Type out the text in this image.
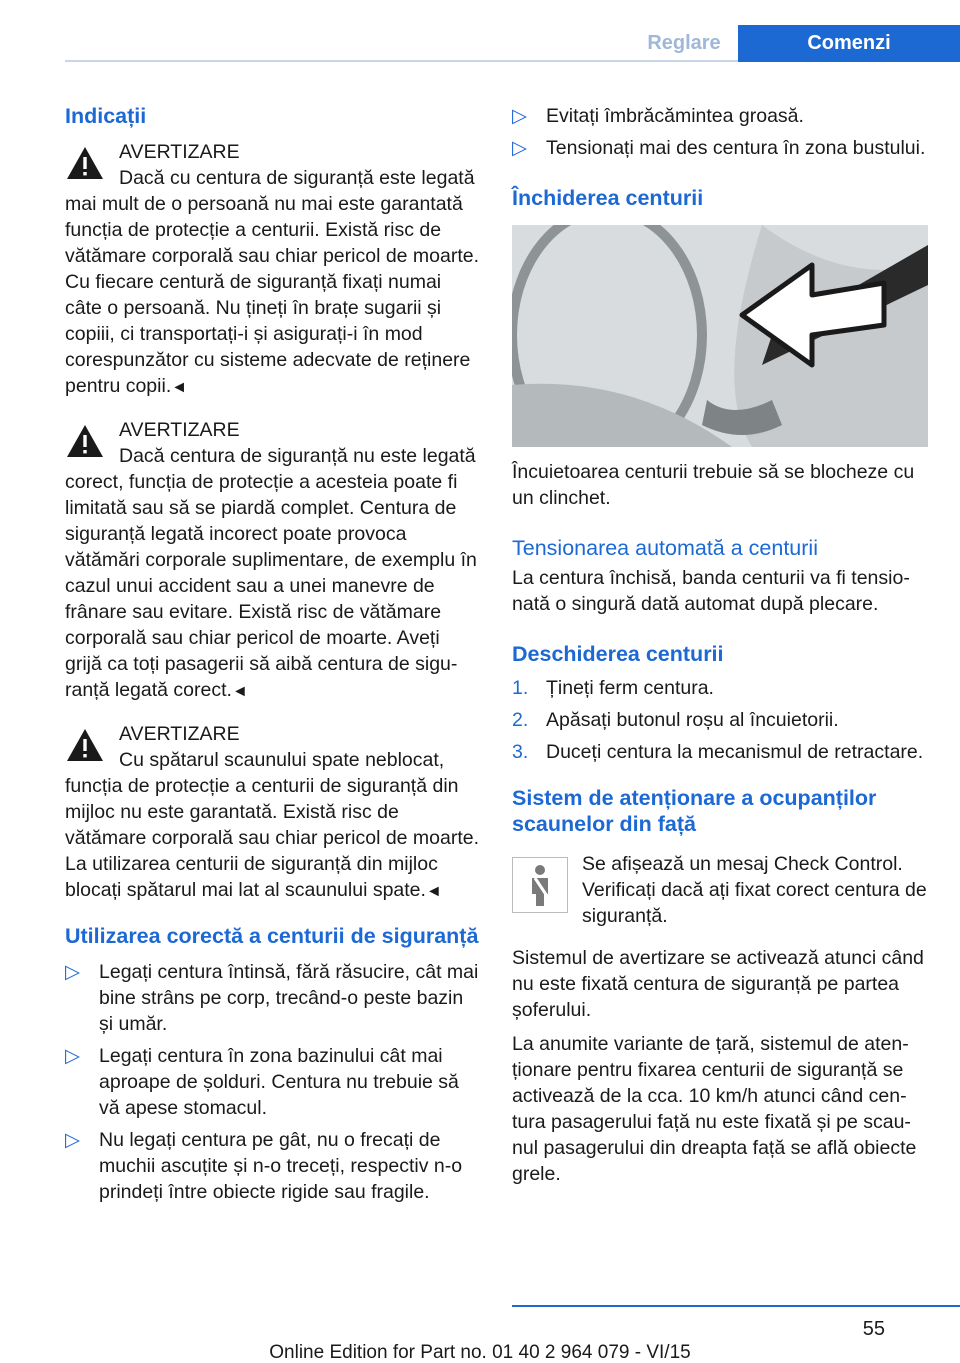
Reglare	Comenzi
Indicații

AVERTIZARE

Dacă cu centura de siguranță este legată mai mult de o persoană nu mai este garantată funcția de protecție a centurii. Există risc de vătămare corporală sau chiar pericol de moarte. Cu fiecare centură de siguranță fixați numai câte o persoană. Nu țineți în brațe sugarii și copiii, ci transportați-i și asigurați-i în mod corespunzător cu sisteme adecvate de reținere pentru copii.◄

AVERTIZARE

Dacă centura de siguranță nu este legată corect, funcția de protecție a acesteia poate fi limitată sau să se piardă complet. Centura de siguranță legată incorect poate provoca vătămări corporale suplimentare, de exemplu în cazul unui accident sau a unei manevre de frânare sau evitare. Există risc de vătămare corporală sau chiar pericol de moarte. Aveți grijă ca toți pasagerii să aibă centura de siguranță legată corect.◄

AVERTIZARE

Cu spătarul scaunului spate neblocat, funcția de protecție a centurii de siguranță din mijloc nu este garantată. Există risc de vătămare corporală sau chiar pericol de moarte. La utilizarea centurii de siguranță din mijloc blocați spătarul mai lat al scaunului spate.◄

Utilizarea corectă a centurii de siguranță
▷ Legați centura întinsă, fără răsucire, cât mai bine strâns pe corp, trecând-o peste bazin și umăr.
▷ Legați centura în zona bazinului cât mai aproape de șolduri. Centura nu trebuie să vă apese stomacul.
▷ Nu legați centura pe gât, nu o frecați de muchii ascuțite și n-o treceți, respectiv n-o prindeți între obiecte rigide sau fragile.
▷ Evitați îmbrăcămintea groasă.
▷ Tensionați mai des centura în zona bustului.
Închiderea centurii

Încuietoarea centurii trebuie să se blocheze cu un clinchet.

Tensionarea automată a centurii

La centura închisă, banda centurii va fi tensionată o singură dată automat după plecare.

Deschiderea centurii
1. Țineți ferm centura.
2. Apăsați butonul roșu al încuietorii.
3. Duceți centura la mecanismul de retractare.
Sistem de atenționare a ocupanților scaunelor din față

Se afișează un mesaj Check Control. Verificați dacă ați fixat corect centura de siguranță.

Sistemul de avertizare se activează atunci când nu este fixată centura de siguranță pe partea șoferului.

La anumite variante de țară, sistemul de atenționare pentru fixarea centurii de siguranță se activează de la cca. 10 km/h atunci când centura pasagerului față nu este fixată și pe scaunul pasagerului din dreapta față se află obiecte grele.

55
Online Edition for Part no. 01 40 2 964 079 - VI/15
